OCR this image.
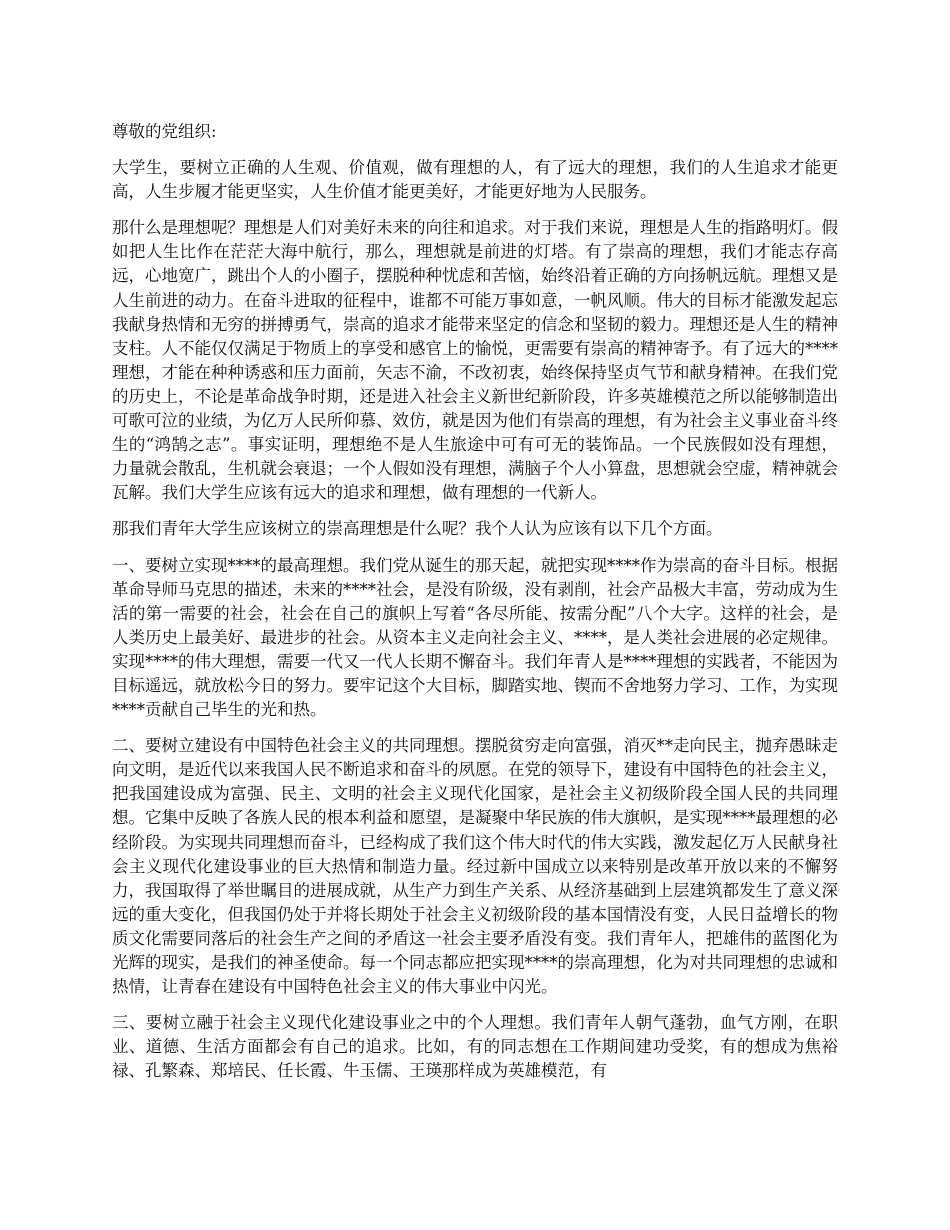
尊敬的党组织:

大学生，要树立正确的人生观、价值观，做有理想的人，有了远大的理想，我们的人生追求才能更高，人生步履才能更坚实，人生价值才能更美好，才能更好地为人民服务。

那什么是理想呢？理想是人们对美好未来的向往和追求。对于我们来说，理想是人生的指路明灯。假如把人生比作在茫茫大海中航行，那么，理想就是前进的灯塔。有了崇高的理想，我们才能志存高远，心地宽广，跳出个人的小圈子，摆脱种种忧虑和苦恼，始终沿着正确的方向扬帆远航。理想又是人生前进的动力。在奋斗进取的征程中，谁都不可能万事如意，一帆风顺。伟大的目标才能激发起忘我献身热情和无穷的拼搏勇气，崇高的追求才能带来坚定的信念和坚韧的毅力。理想还是人生的精神支柱。人不能仅仅满足于物质上的享受和感官上的愉悦，更需要有崇高的精神寄予。有了远大的****理想，才能在种种诱惑和压力面前，矢志不渝，不改初衷，始终保持坚贞气节和献身精神。在我们党的历史上，不论是革命战争时期，还是进入社会主义新世纪新阶段，许多英雄模范之所以能够制造出可歌可泣的业绩，为亿万人民所仰慕、效仿，就是因为他们有崇高的理想，有为社会主义事业奋斗终生的“鸿鹄之志”。事实证明，理想绝不是人生旅途中可有可无的装饰品。一个民族假如没有理想，力量就会散乱，生机就会衰退；一个人假如没有理想，满脑子个人小算盘，思想就会空虚，精神就会瓦解。我们大学生应该有远大的追求和理想，做有理想的一代新人。

那我们青年大学生应该树立的崇高理想是什么呢？我个人认为应该有以下几个方面。

一、要树立实现****的最高理想。我们党从诞生的那天起，就把实现****作为崇高的奋斗目标。根据革命导师马克思的描述，未来的****社会，是没有阶级，没有剥削，社会产品极大丰富，劳动成为生活的第一需要的社会，社会在自己的旗帜上写着“各尽所能、按需分配”八个大字。这样的社会，是人类历史上最美好、最进步的社会。从资本主义走向社会主义、****，是人类社会进展的必定规律。实现****的伟大理想，需要一代又一代人长期不懈奋斗。我们年青人是****理想的实践者，不能因为目标遥远，就放松今日的努力。要牢记这个大目标，脚踏实地、锲而不舍地努力学习、工作，为实现****贡献自己毕生的光和热。

二、要树立建设有中国特色社会主义的共同理想。摆脱贫穷走向富强，消灭**走向民主，抛弃愚昧走向文明，是近代以来我国人民不断追求和奋斗的夙愿。在党的领导下，建设有中国特色的社会主义，把我国建设成为富强、民主、文明的社会主义现代化国家，是社会主义初级阶段全国人民的共同理想。它集中反映了各族人民的根本利益和愿望，是凝聚中华民族的伟大旗帜，是实现****最理想的必经阶段。为实现共同理想而奋斗，已经构成了我们这个伟大时代的伟大实践，激发起亿万人民献身社会主义现代化建设事业的巨大热情和制造力量。经过新中国成立以来特别是改革开放以来的不懈努力，我国取得了举世瞩目的进展成就，从生产力到生产关系、从经济基础到上层建筑都发生了意义深远的重大变化，但我国仍处于并将长期处于社会主义初级阶段的基本国情没有变，人民日益增长的物质文化需要同落后的社会生产之间的矛盾这一社会主要矛盾没有变。我们青年人，把雄伟的蓝图化为光辉的现实，是我们的神圣使命。每一个同志都应把实现****的崇高理想，化为对共同理想的忠诚和热情，让青春在建设有中国特色社会主义的伟大事业中闪光。

三、要树立融于社会主义现代化建设事业之中的个人理想。我们青年人朝气蓬勃，血气方刚，在职业、道德、生活方面都会有自己的追求。比如，有的同志想在工作期间建功受奖，有的想成为焦裕禄、孔繁森、郑培民、任长霞、牛玉儒、王瑛那样成为英雄模范，有
